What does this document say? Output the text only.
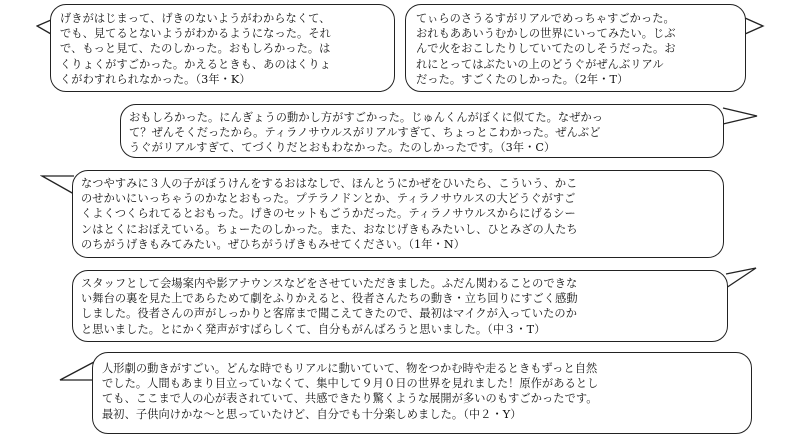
げきがはじまって、げきのないようがわからなくて、

でも、見てるとないようがわかるようになった。それ

で、もっと見て、たのしかった。おもしろかった。は

くりょくがすごかった。かえるときも、あのはくりょ

くがわすれられなかった。（3年・K）

てぃらのさうるすがリアルでめっちゃすごかった。

おれもああいうむかしの世界にいってみたい。じぶ

んで火をおこしたりしていてたのしそうだった。お

れにとってはぶたいの上のどうぐがぜんぶリアル

だった。すごくたのしかった。（2年・T）

おもしろかった。にんぎょうの動かし方がすごかった。じゅんくんがぼくに似てた。なぜかっ

て？ぜんそくだったから。ティラノサウルスがリアルすぎて、ちょっとこわかった。ぜんぶど

うぐがリアルすぎて、てづくりだとおもわなかった。たのしかったです。（3年・C）

なつやすみに３人の子がぼうけんをするおはなしで、ほんとうにかぜをひいたら、こういう、かこ

のせかいにいっちゃうのかなとおもった。プテラノドンとか、ティラノサウルスの大どうぐがすご

くよくつくられてるとおもった。げきのセットもごうかだった。ティラノサウルスからにげるシー

ンはとくにおぼえている。ちょーたのしかった。また、おなじげきもみたいし、ひとみざの人たち

のちがうげきもみてみたい。ぜひちがうげきもみせてください。（1年・N）

スタッフとして会場案内や影アナウンスなどをさせていただきました。ふだん関わることのできな

い舞台の裏を見た上であらためて劇をふりかえると、役者さんたちの動き・立ち回りにすごく感動

しました。役者さんの声がしっかりと客席まで聞こえてきたので、最初はマイクが入っていたのか

と思いました。とにかく発声がすばらしくて、自分もがんばろうと思いました。（中３・T）

人形劇の動きがすごい。どんな時でもリアルに動いていて、物をつかむ時や走るときもずっと自然

でした。人間もあまり目立っていなくて、集中して９月０日の世界を見れました！原作があるとし

ても、ここまで人の心が表されていて、共感できたり驚くような展開が多いのもすごかったです。

最初、子供向けかな〜と思っていたけど、自分でも十分楽しめました。（中２・Y）
